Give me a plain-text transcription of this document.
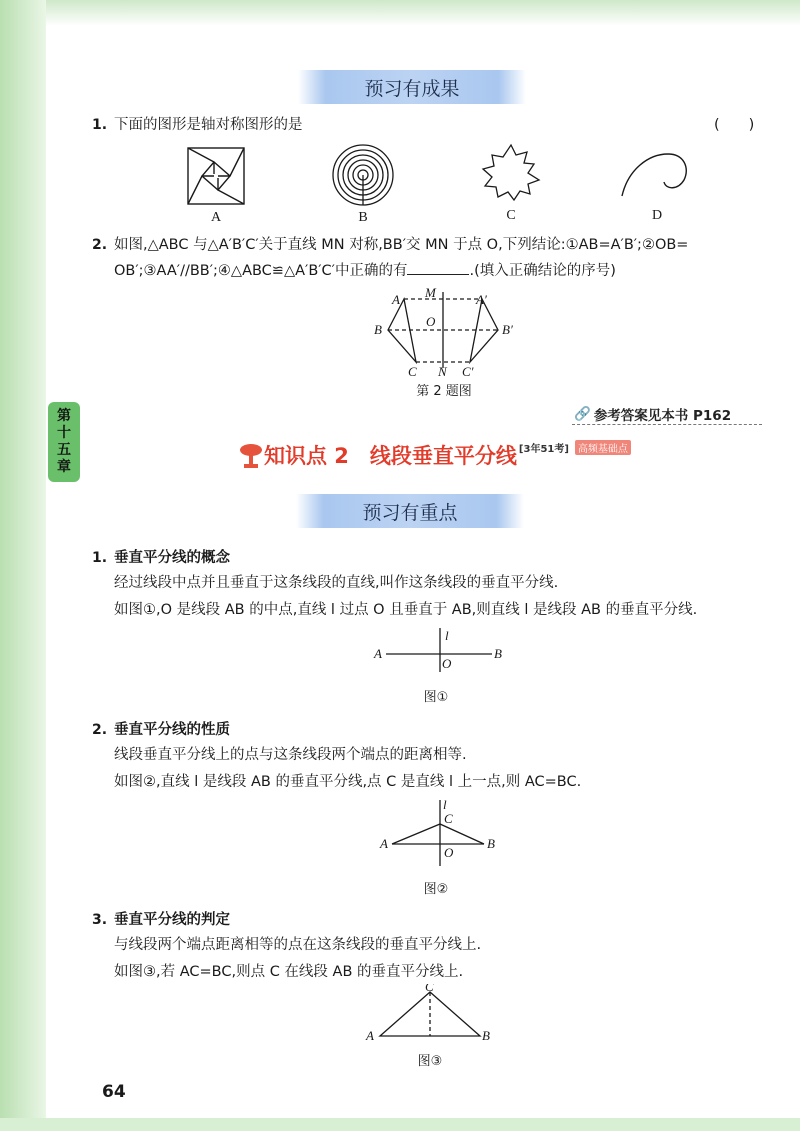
第
十
五
章
预习有成果
1. 下面的图形是轴对称图形的是	(　　)
A	B	C	D
2. 如图,△ABC 与△A′B′C′关于直线 MN 对称,BB′交 MN 于点 O,下列结论:①AB=A′B′;②OB=
OB′;③AA′//BB′;④△ABC≌△A′B′C′中正确的有	.(填入正确结论的序号)
A M	A′
B
O
B′
C N C′
第 2 题图
🔗 参考答案见本书 P162
知识点 2　线段垂直平分线 [3年51考] 高频基础点
预习有重点
1. 垂直平分线的概念
经过线段中点并且垂直于这条线段的直线,叫作这条线段的垂直平分线.
如图①,O 是线段 AB 的中点,直线 l 过点 O 且垂直于 AB,则直线 l 是线段 AB 的垂直平分线.
A	B
O
l
图①
2. 垂直平分线的性质
线段垂直平分线上的点与这条线段两个端点的距离相等.
如图②,直线 l 是线段 AB 的垂直平分线,点 C 是直线 l 上一点,则 AC=BC.
A	B
O
C
l
图②
3. 垂直平分线的判定
与线段两个端点距离相等的点在这条线段的垂直平分线上.
如图③,若 AC=BC,则点 C 在线段 AB 的垂直平分线上.
A	B
C
图③
64
